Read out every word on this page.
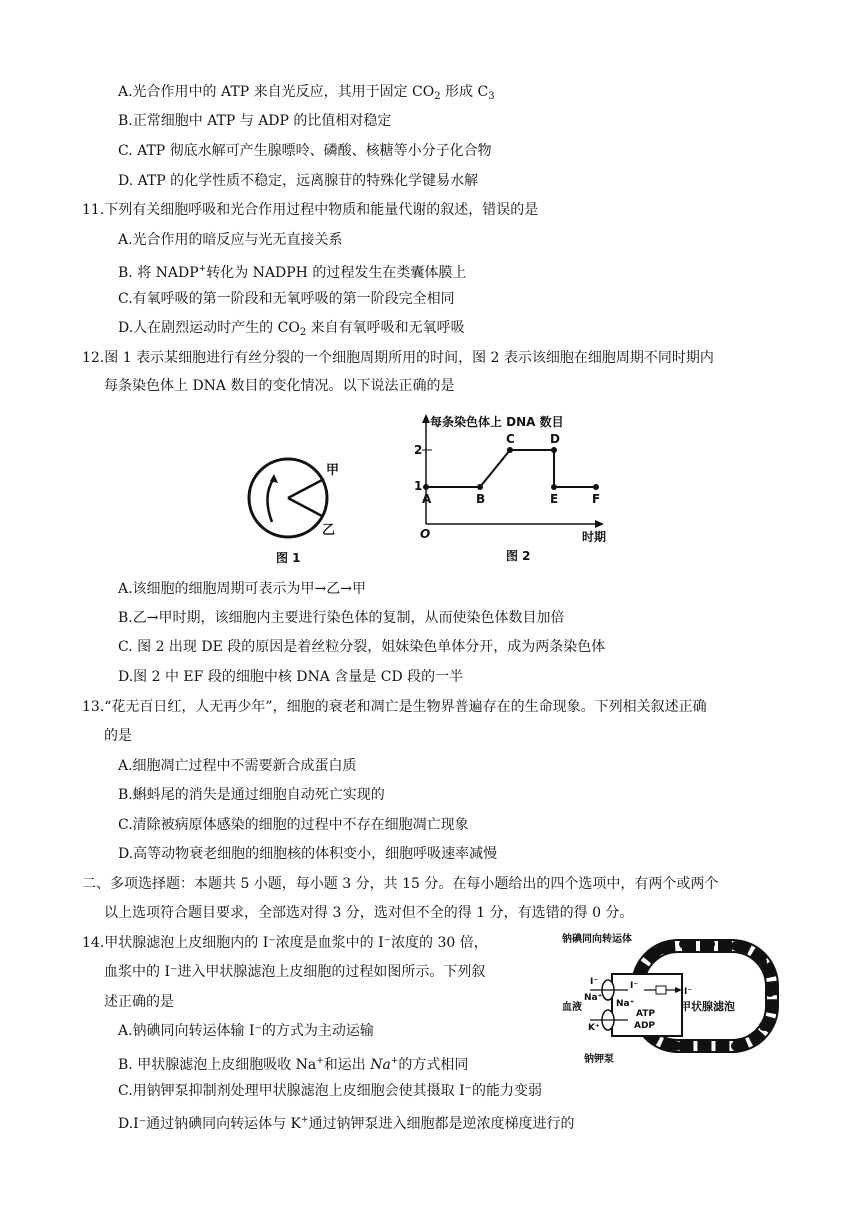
A.光合作用中的 ATP 来自光反应，其用于固定 $CO_2$ 形成 $C_3$
B.正常细胞中 ATP 与 ADP 的比值相对稳定
C. ATP 彻底水解可产生腺嘌呤、磷酸、核糖等小分子化合物
D. ATP 的化学性质不稳定，远离腺苷的特殊化学键易水解
11.下列有关细胞呼吸和光合作用过程中物质和能量代谢的叙述，错误的是
A.光合作用的暗反应与光无直接关系
B. 将 NADP+转化为 NADPH 的过程发生在类囊体膜上
C.有氧呼吸的第一阶段和无氧呼吸的第一阶段完全相同
D.人在剧烈运动时产生的 $CO_2$ 来自有氧呼吸和无氧呼吸
12.图 1 表示某细胞进行有丝分裂的一个细胞周期所用的时间，图 2 表示该细胞在细胞周期不同时期内
每条染色体上 DNA 数目的变化情况。以下说法正确的是
甲
乙
图 1
每条染色体上 DNA 数目
时期
O
2
1
A	B
C	D
E	F
图 2
A.该细胞的细胞周期可表示为甲→乙→甲
B.乙→甲时期，该细胞内主要进行染色体的复制，从而使染色体数目加倍
C. 图 2 出现 DE 段的原因是着丝粒分裂，姐妹染色单体分开，成为两条染色体
D.图 2 中 EF 段的细胞中核 DNA 含量是 CD 段的一半
13.“花无百日红，人无再少年”，细胞的衰老和凋亡是生物界普遍存在的生命现象。下列相关叙述正确
的是
A.细胞凋亡过程中不需要新合成蛋白质
B.蝌蚪尾的消失是通过细胞自动死亡实现的
C.清除被病原体感染的细胞的过程中不存在细胞凋亡现象
D.高等动物衰老细胞的细胞核的体积变小，细胞呼吸速率减慢
二、多项选择题：本题共 5 小题，每小题 3 分，共 15 分。在每小题给出的四个选项中，有两个或两个
以上选项符合题目要求，全部选对得 3 分，选对但不全的得 1 分，有选错的得 0 分。
14.甲状腺滤泡上皮细胞内的 I⁻浓度是血浆中的 I⁻浓度的 30 倍，
血浆中的 I⁻进入甲状腺滤泡上皮细胞的过程如图所示。下列叙
述正确的是
A.钠碘同向转运体输 I⁻的方式为主动运输
B. 甲状腺滤泡上皮细胞吸收 Na+和运出 Na+的方式相同
C.用钠钾泵抑制剂处理甲状腺滤泡上皮细胞会使其摄取 I⁻的能力变弱
D.I⁻通过钠碘同向转运体与 K+通过钠钾泵进入细胞都是逆浓度梯度进行的
钠碘同向转运体
钠钾泵
血液	甲状腺滤泡
I⁻	I⁻
I⁻
Na⁺
Na⁺
K⁺
ATP
ADP
